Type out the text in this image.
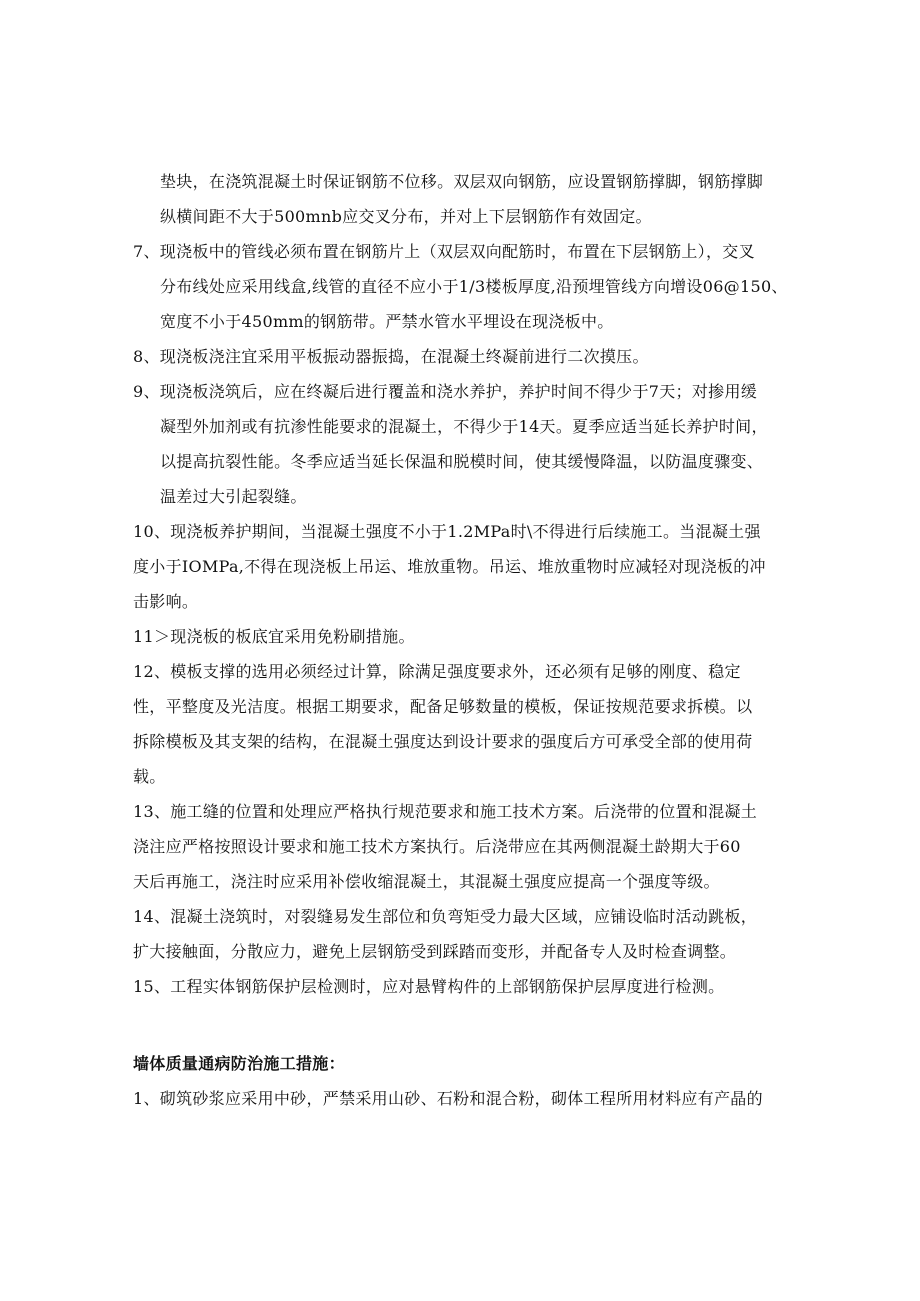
垫块，在浇筑混凝土时保证钢筋不位移。双层双向钢筋，应设置钢筋撑脚，钢筋撑脚
纵横间距不大于500mnb应交叉分布，并对上下层钢筋作有效固定。
7、现浇板中的管线必须布置在钢筋片上（双层双向配筋时，布置在下层钢筋上），交叉
分布线处应采用线盒,线管的直径不应小于1/3楼板厚度,沿预埋管线方向增设06@150、
宽度不小于450mm的钢筋带。严禁水管水平埋设在现浇板中。
8、现浇板浇注宜采用平板振动器振捣，在混凝土终凝前进行二次摸压。
9、现浇板浇筑后，应在终凝后进行覆盖和浇水养护，养护时间不得少于7天；对掺用缓
凝型外加剂或有抗渗性能要求的混凝土，不得少于14天。夏季应适当延长养护时间，
以提高抗裂性能。冬季应适当延长保温和脱模时间，使其缓慢降温，以防温度骤变、
温差过大引起裂缝。
10、现浇板养护期间，当混凝土强度不小于1.2MPa时\不得进行后续施工。当混凝土强
度小于IOMPa,不得在现浇板上吊运、堆放重物。吊运、堆放重物时应减轻对现浇板的冲
击影响。
11＞现浇板的板底宜采用免粉刷措施。
12、模板支撑的选用必须经过计算，除满足强度要求外，还必须有足够的刚度、稳定
性，平整度及光洁度。根据工期要求，配备足够数量的模板，保证按规范要求拆模。以
拆除模板及其支架的结构，在混凝土强度达到设计要求的强度后方可承受全部的使用荷
载。
13、施工缝的位置和处理应严格执行规范要求和施工技术方案。后浇带的位置和混凝土
浇注应严格按照设计要求和施工技术方案执行。后浇带应在其两侧混凝土龄期大于60
天后再施工，浇注时应采用补偿收缩混凝土，其混凝土强度应提高一个强度等级。
14、混凝土浇筑时，对裂缝易发生部位和负弯矩受力最大区域，应铺设临时活动跳板，
扩大接触面，分散应力，避免上层钢筋受到踩踏而变形，并配备专人及时检查调整。
15、工程实体钢筋保护层检测时，应对悬臂构件的上部钢筋保护层厚度进行检测。
墙体质量通病防治施工措施：
1、砌筑砂浆应采用中砂，严禁采用山砂、石粉和混合粉，砌体工程所用材料应有产晶的
